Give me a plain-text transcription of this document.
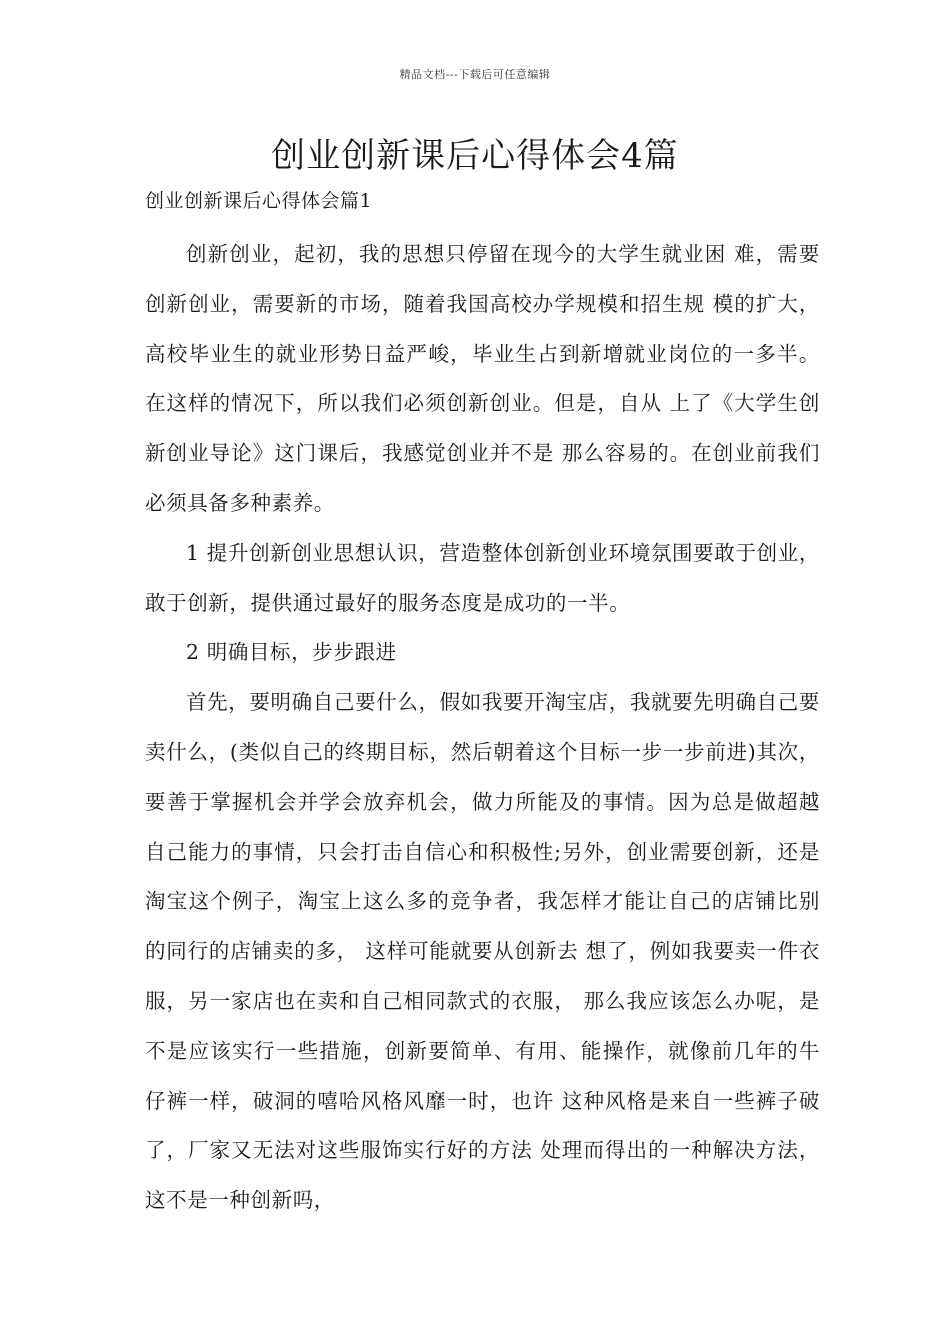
精品文档---下载后可任意编辑
创业创新课后心得体会4篇
创业创新课后心得体会篇1

创新创业，起初，我的思想只停留在现今的大学生就业困 难，需要创新创业，需要新的市场，随着我国高校办学规模和招生规 模的扩大，高校毕业生的就业形势日益严峻，毕业生占到新增就业岗位的一多半。在这样的情况下，所以我们必须创新创业。但是，自从 上了《大学生创新创业导论》这门课后，我感觉创业并不是 那么容易的。在创业前我们必须具备多种素养。

1 提升创新创业思想认识，营造整体创新创业环境氛围要敢于创业，敢于创新，提供通过最好的服务态度是成功的一半。

2 明确目标，步步跟进

首先，要明确自己要什么，假如我要开淘宝店，我就要先明确自己要卖什么，(类似自己的终期目标，然后朝着这个目标一步一步前进)其次，要善于掌握机会并学会放弃机会，做力所能及的事情。因为总是做超越自己能力的事情，只会打击自信心和积极性;另外，创业需要创新，还是淘宝这个例子，淘宝上这么多的竞争者，我怎样才能让自己的店铺比别的同行的店铺卖的多， 这样可能就要从创新去 想了，例如我要卖一件衣服，另一家店也在卖和自己相同款式的衣服， 那么我应该怎么办呢，是不是应该实行一些措施，创新要简单、有用、能操作，就像前几年的牛仔裤一样，破洞的嘻哈风格风靡一时，也许 这种风格是来自一些裤子破了，厂家又无法对这些服饰实行好的方法 处理而得出的一种解决方法，这不是一种创新吗，
